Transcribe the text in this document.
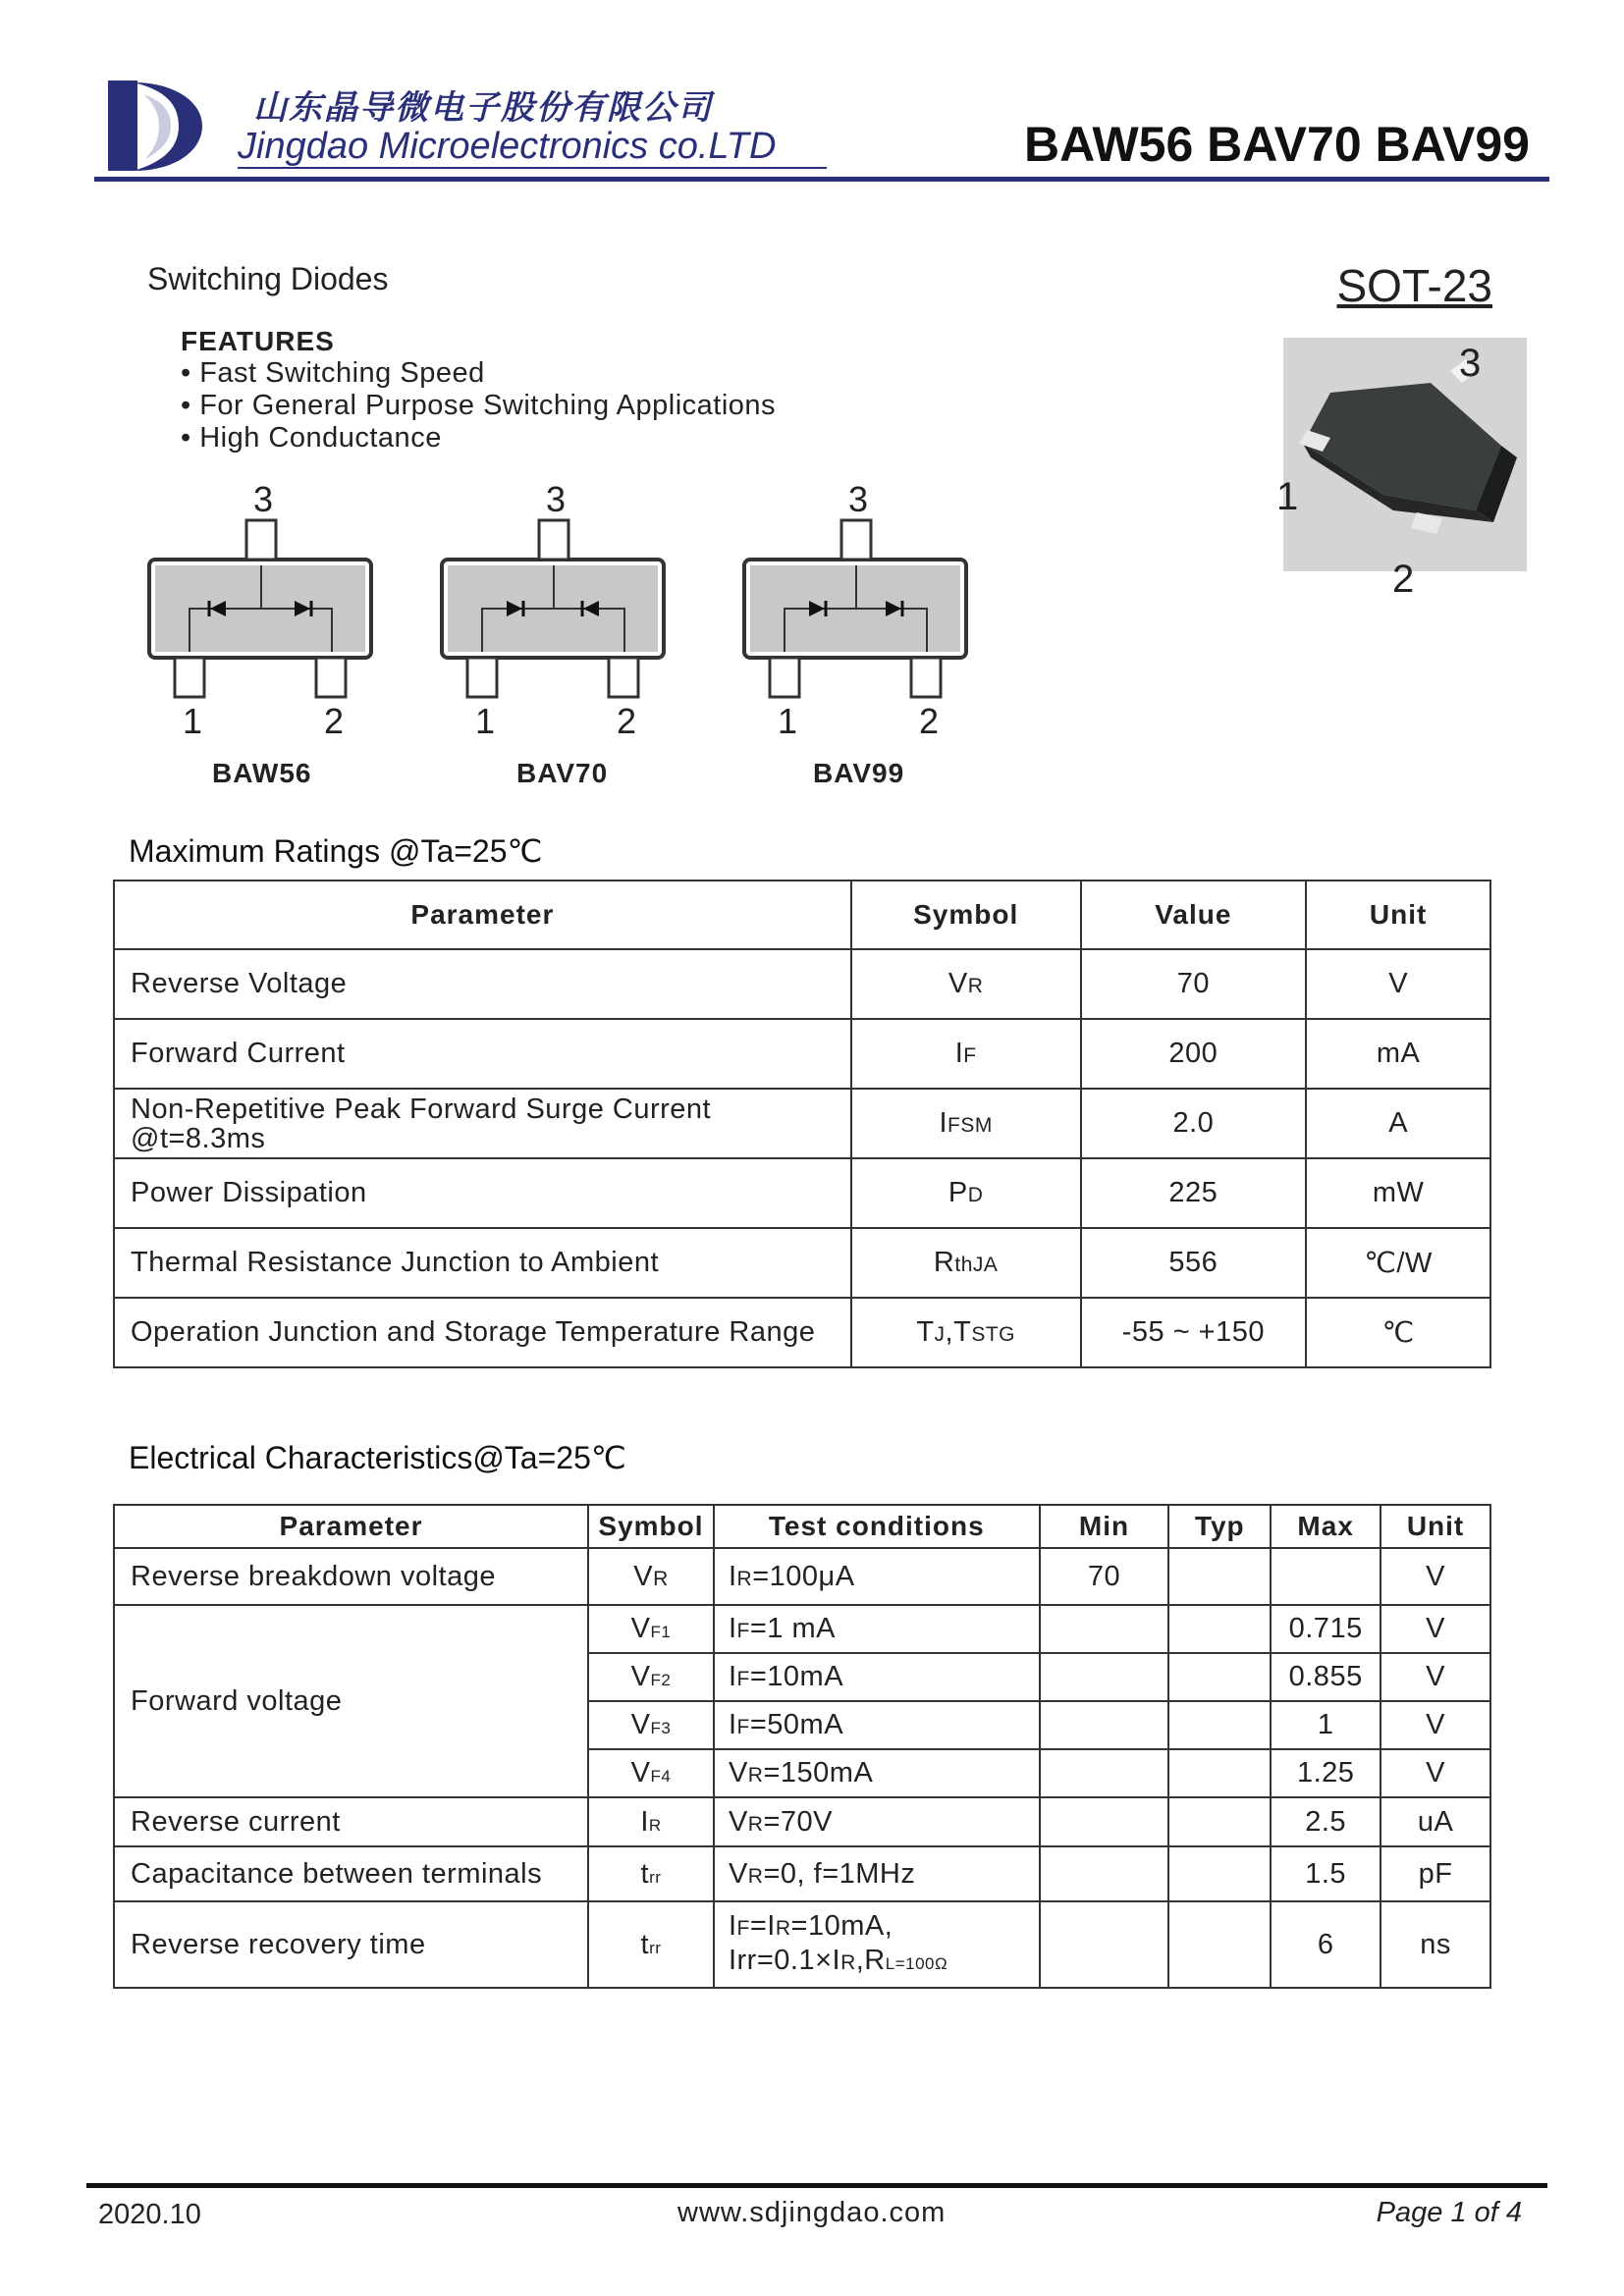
山东晶导微电子股份有限公司
Jingdao Microelectronics co.LTD	BAW56 BAV70 BAV99
Switching Diodes	SOT-23
FEATURES
• Fast Switching Speed
• For General Purpose Switching Applications
• High Conductance
3
1
2
3
1	2
BAW56
3
1	2
BAV70
3
1	2
BAV99
Maximum Ratings @Ta=25℃
Parameter	Symbol	Value	Unit
Reverse Voltage	VR	70	V
Forward Current	IF	200	mA

Non-Repetitive Peak Forward Surge Current
@t=8.3ms	IFSM	2.0	A
Power Dissipation	PD	225	mW
Thermal Resistance Junction to Ambient	RthJA	556	℃/W
Operation Junction and Storage Temperature Range	TJ,TSTG	-55 ~ +150	℃
Electrical Characteristics@Ta=25℃
Parameter	Symbol	Test conditions	Min	Typ	Max	Unit
Reverse breakdown voltage	VR	IR=100μA	70			V
Forward voltage	VF1	IF=1 mA			0.715	V
	VF2	IF=10mA			0.855	V
	VF3	IF=50mA			1	V
	VF4	VR=150mA			1.25	V
Reverse current	IR	VR=70V			2.5	uA
Capacitance between terminals	trr	VR=0, f=1MHz			1.5	pF
Reverse recovery time	trr	IF=IR=10mA,
Irr=0.1×IR,RL=100Ω			6	ns
2020.10	www.sdjingdao.com	Page 1 of 4
